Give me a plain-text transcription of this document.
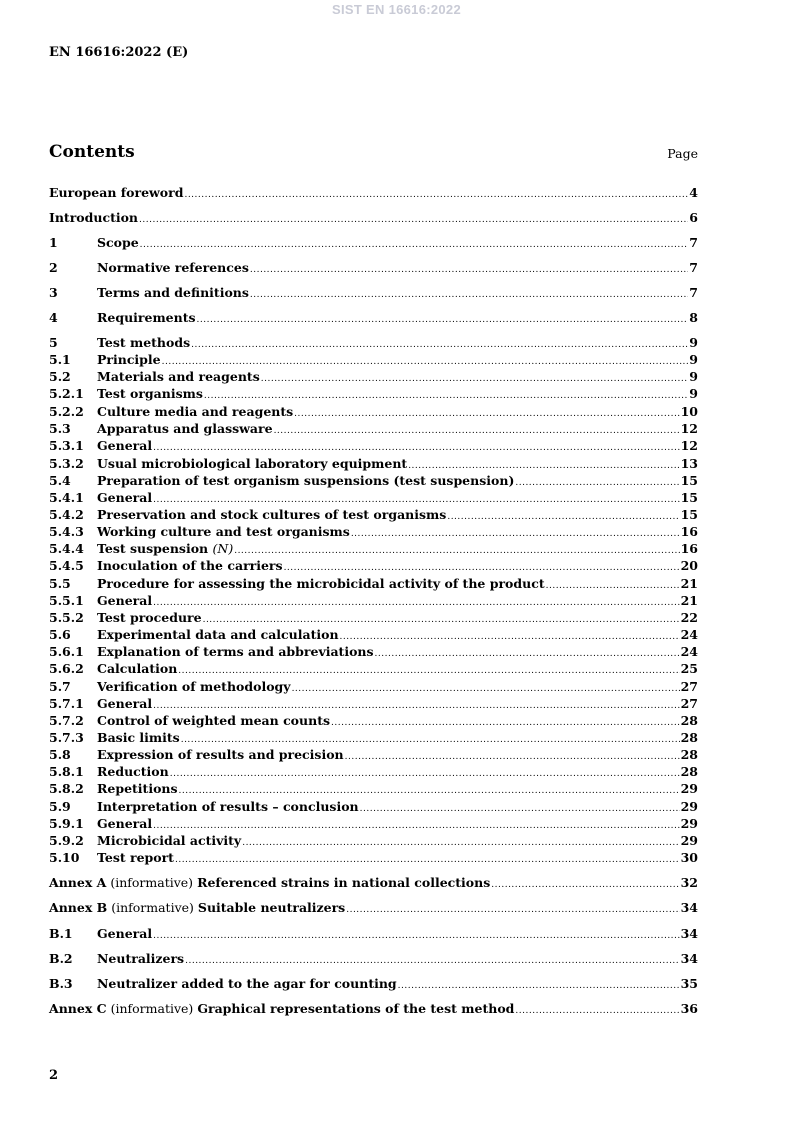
SIST EN 16616:2022
EN 16616:2022 (E)
Contents	Page
European foreword .....	4
Introduction .....	6
1	Scope .....	7
2	Normative references .....	7
3	Terms and definitions .....	7
4	Requirements .....	8
5	Test methods .....	9
5.1	Principle .....	9
5.2	Materials and reagents .....	9
5.2.1	Test organisms .....	9
5.2.2	Culture media and reagents .....	10
5.3	Apparatus and glassware .....	12
5.3.1	General .....	12
5.3.2	Usual microbiological laboratory equipment .....	13
5.4	Preparation of test organism suspensions (test suspension) .....	15
5.4.1	General .....	15
5.4.2	Preservation and stock cultures of test organisms .....	15
5.4.3	Working culture and test organisms .....	16
5.4.4	Test suspension (N) .....	16
5.4.5	Inoculation of the carriers .....	20
5.5	Procedure for assessing the microbicidal activity of the product .....	21
5.5.1	General .....	21
5.5.2	Test procedure .....	22
5.6	Experimental data and calculation .....	24
5.6.1	Explanation of terms and abbreviations .....	24
5.6.2	Calculation .....	25
5.7	Verification of methodology .....	27
5.7.1	General .....	27
5.7.2	Control of weighted mean counts .....	28
5.7.3	Basic limits .....	28
5.8	Expression of results and precision .....	28
5.8.1	Reduction .....	28
5.8.2	Repetitions .....	29
5.9	Interpretation of results – conclusion .....	29
5.9.1	General .....	29
5.9.2	Microbicidal activity .....	29
5.10	Test report .....	30
Annex A (informative) Referenced strains in national collections .....	32
Annex B (informative) Suitable neutralizers .....	34
B.1	General .....	34
B.2	Neutralizers .....	34
B.3	Neutralizer added to the agar for counting .....	35
Annex C (informative) Graphical representations of the test method .....	36
2
